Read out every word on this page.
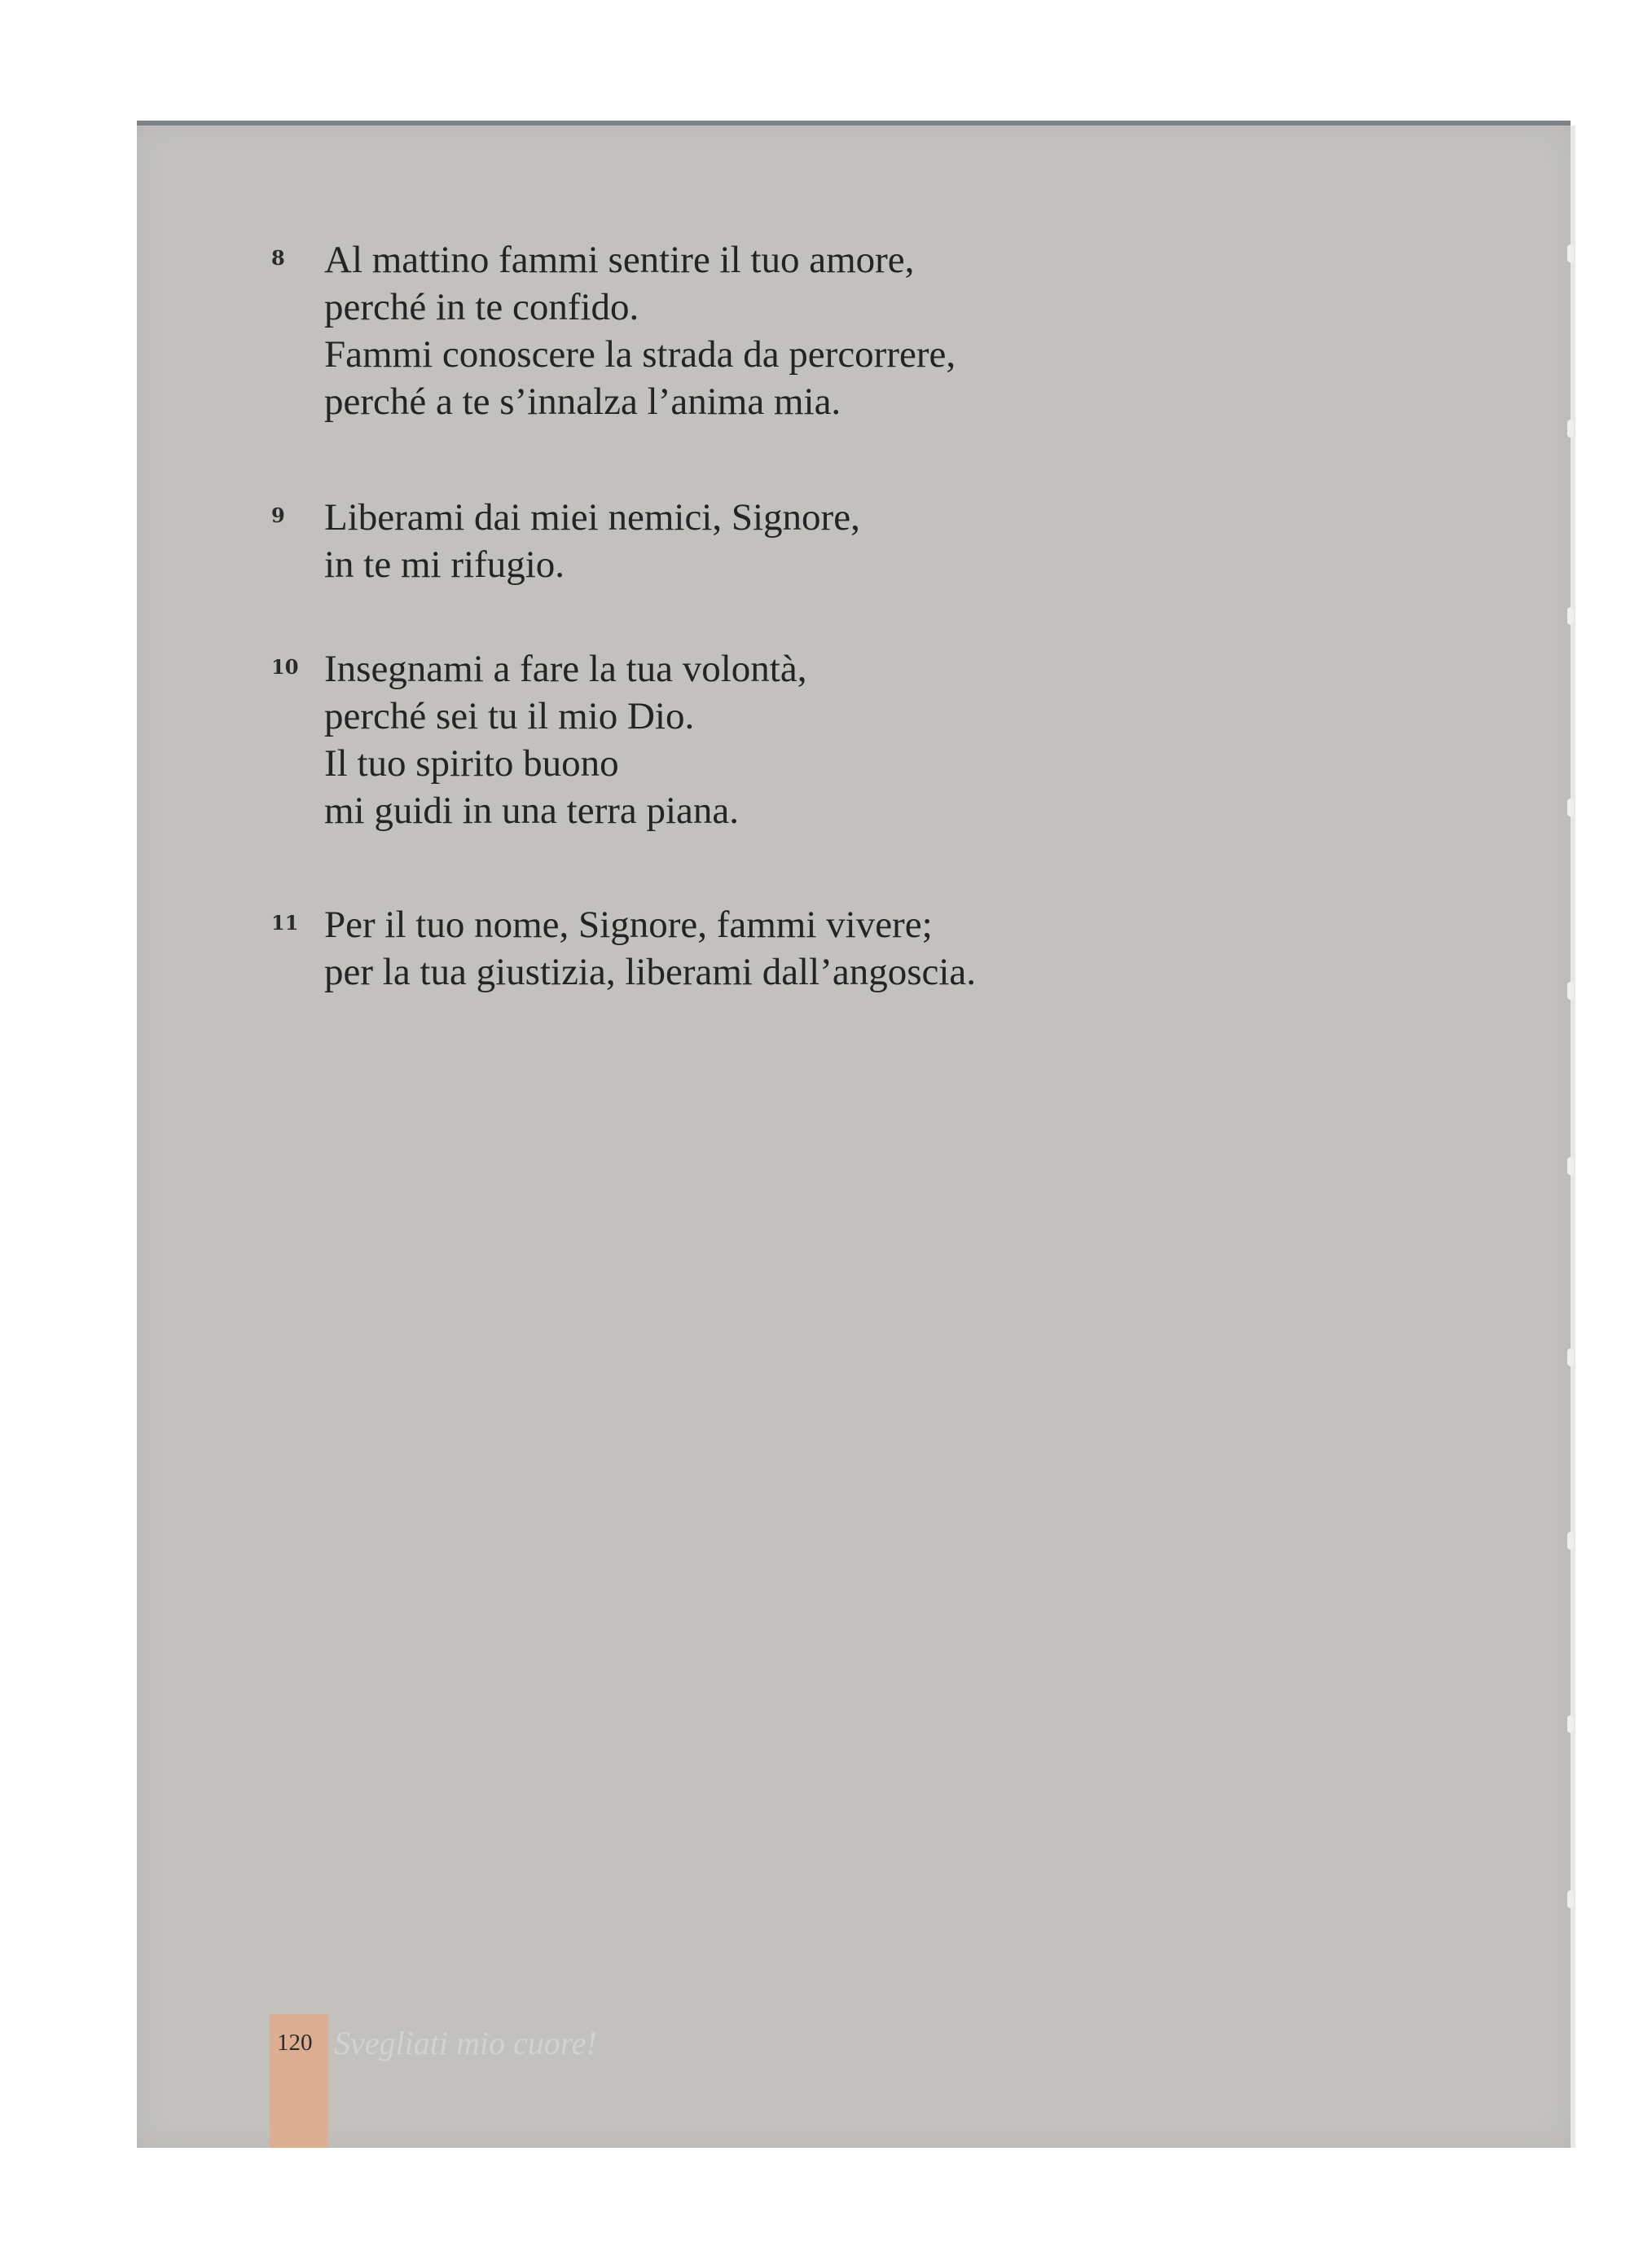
8 Al mattino fammi sentire il tuo amore,
perché in te confido.
Fammi conoscere la strada da percorrere,
perché a te s’innalza l’anima mia.
9 Liberami dai miei nemici, Signore,
in te mi rifugio.
10 Insegnami a fare la tua volontà,
perché sei tu il mio Dio.
Il tuo spirito buono
mi guidi in una terra piana.
11 Per il tuo nome, Signore, fammi vivere;
per la tua giustizia, liberami dall’angoscia.
120 Svegliati mio cuore!
